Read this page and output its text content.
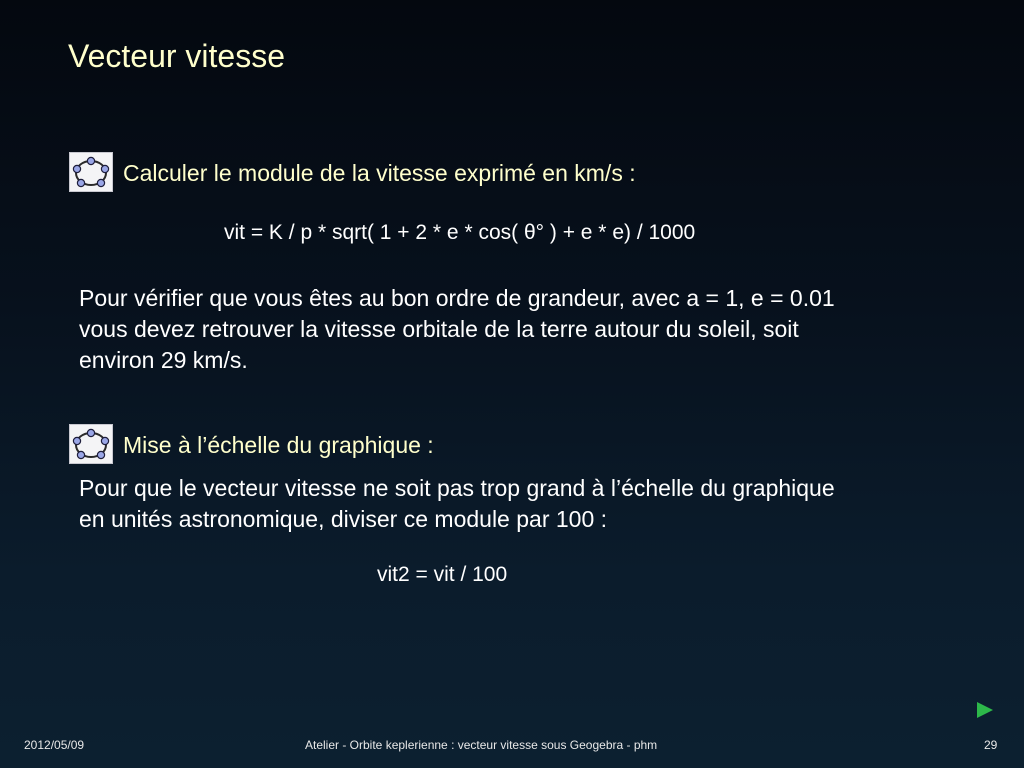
Vecteur vitesse
Calculer le module de la vitesse exprimé en km/s :
vit = K / p * sqrt( 1 + 2 * e * cos( θ° ) + e * e) / 1000
Pour vérifier que vous êtes au bon ordre de grandeur, avec a = 1, e = 0.01
vous devez retrouver la vitesse orbitale de la terre autour du soleil, soit
environ 29 km/s.
Mise à l’échelle du graphique :
Pour que le vecteur vitesse ne soit pas trop grand à l’échelle du graphique
en unités astronomique, diviser ce module par 100 :
vit2 = vit / 100
2012/05/09	Atelier - Orbite keplerienne : vecteur vitesse sous Geogebra - phm	29
